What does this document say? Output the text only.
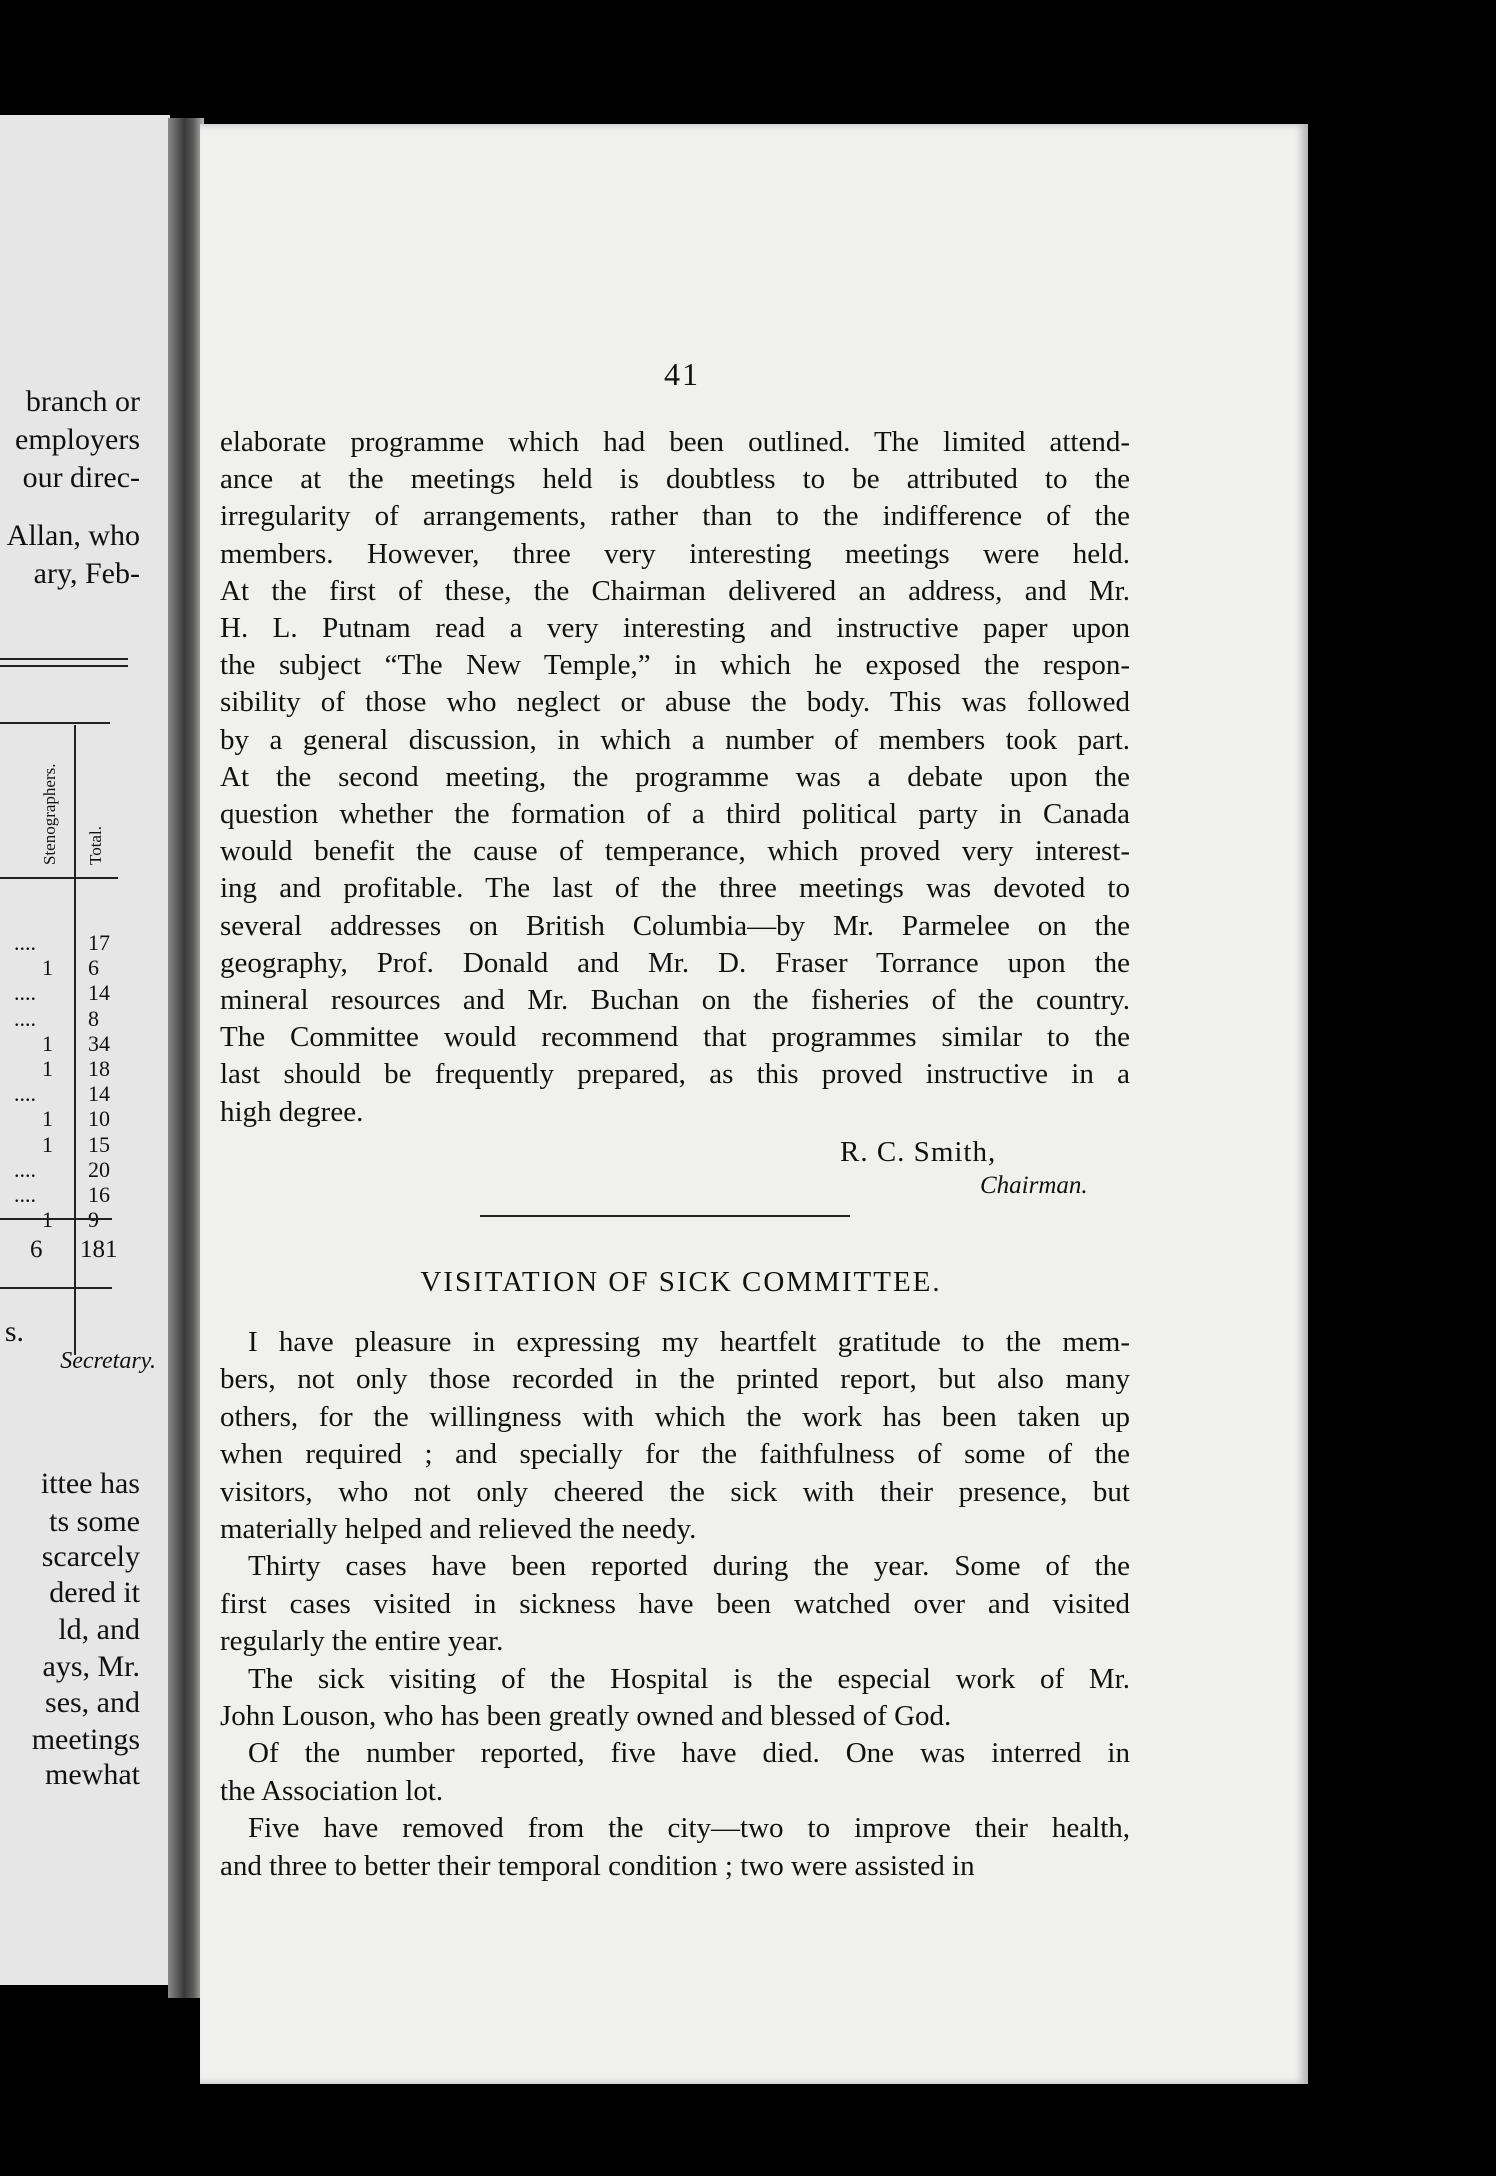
branch or
employers
our direc-
Allan, who
ary, Feb-
Stenographers. Total.
....
1
....
....
1
1
....
1
1
....
....
17
6
14
8
34
18
14
10
15
20
16
6 181
s.
Secretary.
ittee has
ts some
scarcely
dered it
ld, and
ays, Mr.
ses, and
meetings
mewhat
41
elaborate programme which had been outlined. The limited attend-
ance at the meetings held is doubtless to be attributed to the
irregularity of arrangements, rather than to the indifference of the
members. However, three very interesting meetings were held.
At the first of these, the Chairman delivered an address, and Mr.
H. L. Putnam read a very interesting and instructive paper upon
the subject “The New Temple,” in which he exposed the respon-
sibility of those who neglect or abuse the body. This was followed
by a general discussion, in which a number of members took part.
At the second meeting, the programme was a debate upon the
question whether the formation of a third political party in Canada
would benefit the cause of temperance, which proved very interest-
ing and profitable. The last of the three meetings was devoted to
several addresses on British Columbia—by Mr. Parmelee on the
geography, Prof. Donald and Mr. D. Fraser Torrance upon the
mineral resources and Mr. Buchan on the fisheries of the country.
The Committee would recommend that programmes similar to the
last should be frequently prepared, as this proved instructive in a
high degree.
R. C. Smith,
Chairman.
VISITATION OF SICK COMMITTEE.
I have pleasure in expressing my heartfelt gratitude to the mem-
bers, not only those recorded in the printed report, but also many
others, for the willingness with which the work has been taken up
when required ; and specially for the faithfulness of some of the
visitors, who not only cheered the sick with their presence, but
materially helped and relieved the needy.
Thirty cases have been reported during the year. Some of the
first cases visited in sickness have been watched over and visited
regularly the entire year.
The sick visiting of the Hospital is the especial work of Mr.
John Louson, who has been greatly owned and blessed of God.
Of the number reported, five have died. One was interred in
the Association lot.
Five have removed from the city—two to improve their health,
and three to better their temporal condition ; two were assisted in
